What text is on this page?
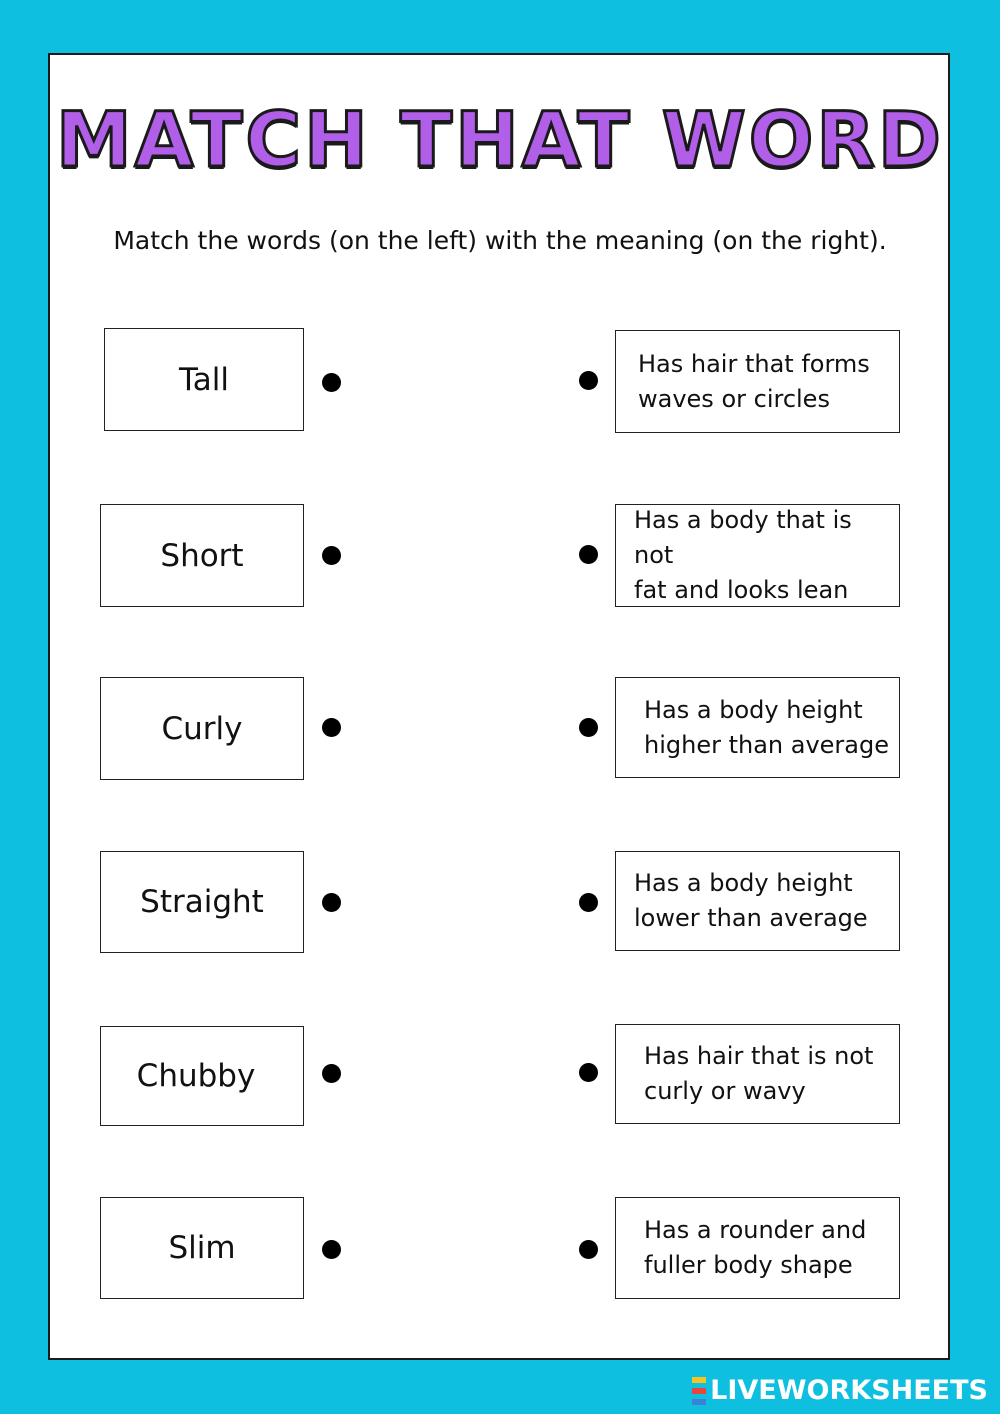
MATCH THAT WORD
Match the words (on the left) with the meaning (on the right).
Tall	Has hair that forms
waves or circles
Short
Has a body that is not
fat and looks lean
Curly
Has a body height
higher than average
Straight
Has a body height
lower than average
Chubby
Has hair that is not
curly or wavy
Slim	Has a rounder and
fuller body shape
LIVEWORKSHEETS
